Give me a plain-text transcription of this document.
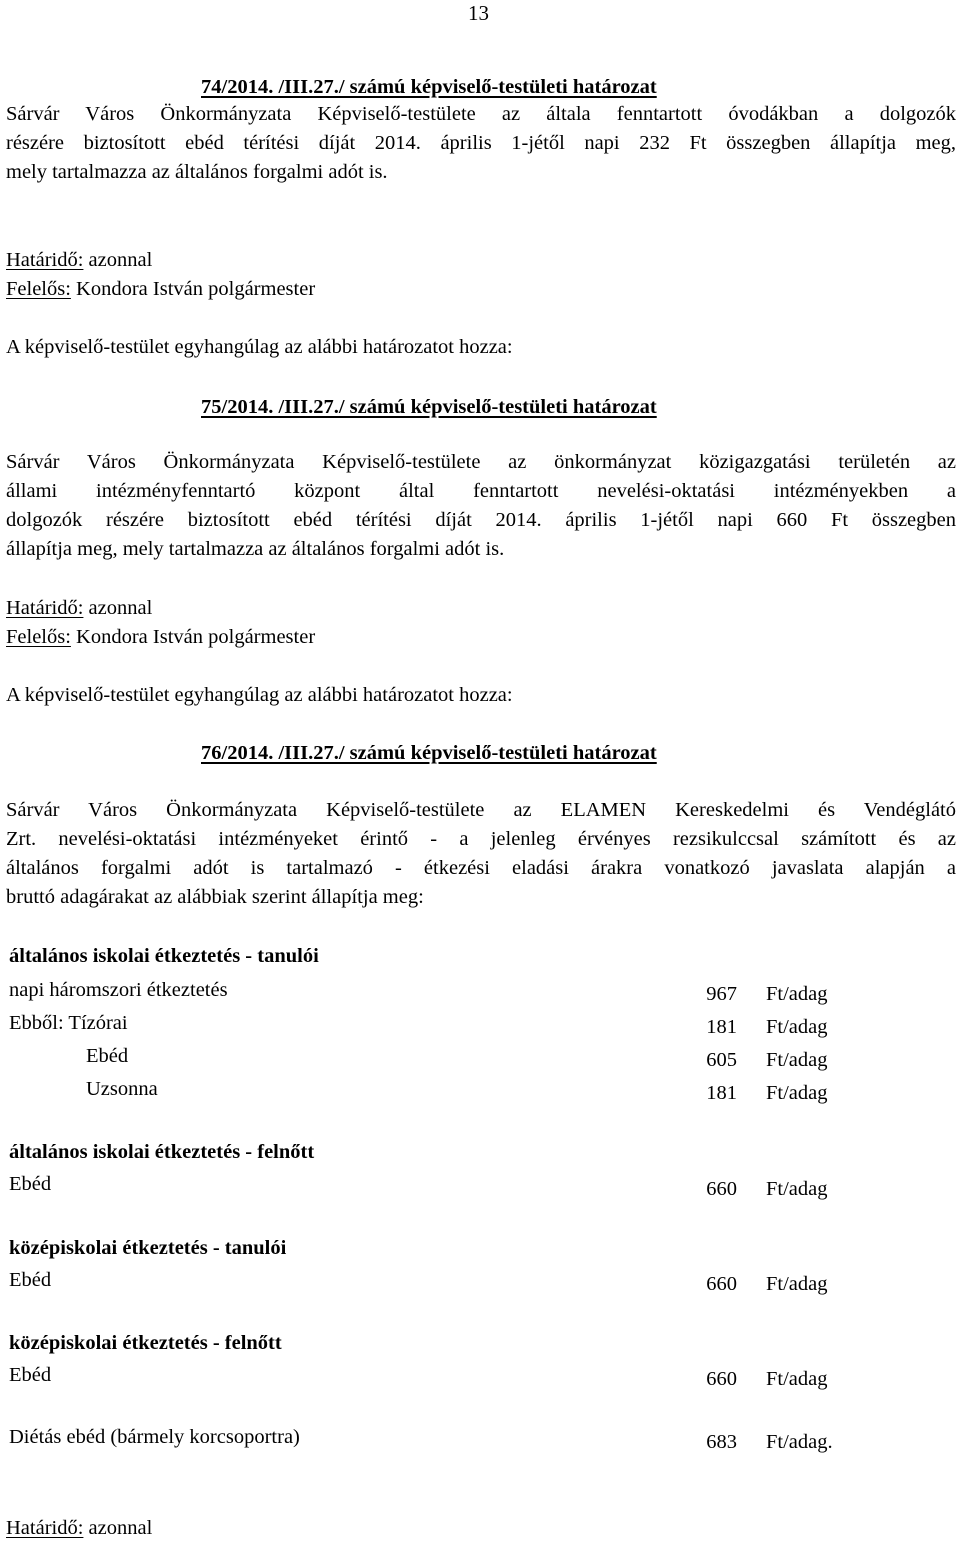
13
74/2014. /III.27./ számú képviselő-testületi határozat
Sárvár Város Önkormányzata Képviselő-testülete az általa fenntartott óvodákban a dolgozók
részére biztosított ebéd térítési díját 2014. április 1-jétől napi 232 Ft összegben állapítja meg,
mely tartalmazza az általános forgalmi adót is.
Határidő: azonnal
Felelős: Kondora István polgármester
A képviselő-testület egyhangúlag az alábbi határozatot hozza:
75/2014. /III.27./ számú képviselő-testületi határozat
Sárvár Város Önkormányzata Képviselő-testülete az önkormányzat közigazgatási területén az
állami intézményfenntartó központ által fenntartott nevelési-oktatási intézményekben a
dolgozók részére biztosított ebéd térítési díját 2014. április 1-jétől napi 660 Ft összegben
állapítja meg, mely tartalmazza az általános forgalmi adót is.
Határidő: azonnal
Felelős: Kondora István polgármester
A képviselő-testület egyhangúlag az alábbi határozatot hozza:
76/2014. /III.27./ számú képviselő-testületi határozat
Sárvár Város Önkormányzata Képviselő-testülete az ELAMEN Kereskedelmi és Vendéglátó
Zrt. nevelési-oktatási intézményeket érintő - a jelenleg érvényes rezsikulccsal számított és az
általános forgalmi adót is tartalmazó - étkezési eladási árakra vonatkozó javaslata alapján a
bruttó adagárakat az alábbiak szerint állapítja meg:
általános iskolai étkeztetés - tanulói
napi háromszori étkeztetés	967 Ft/adag
Ebből: Tízórai	181 Ft/adag
Ebéd	605 Ft/adag
Uzsonna	181 Ft/adag
általános iskolai étkeztetés - felnőtt
Ebéd	660 Ft/adag
középiskolai étkeztetés - tanulói
Ebéd	660 Ft/adag
középiskolai étkeztetés - felnőtt
Ebéd	660 Ft/adag
Diétás ebéd (bármely korcsoportra)	683 Ft/adag.
Határidő: azonnal
